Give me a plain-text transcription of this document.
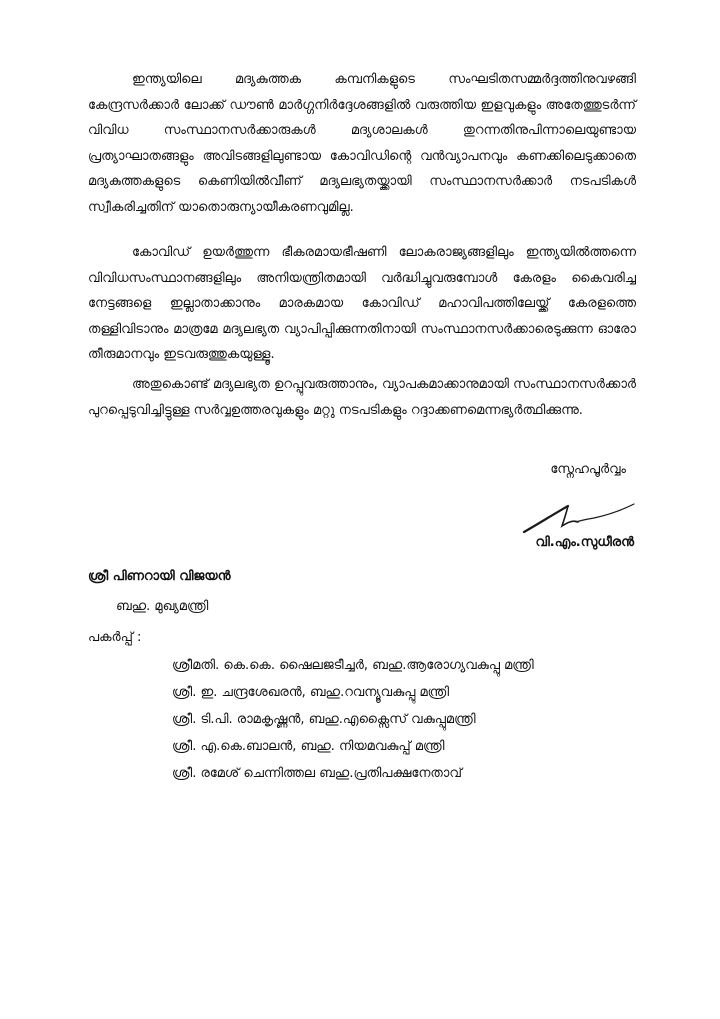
ഇന്ത്യയിലെ മദ്യകുത്തക കമ്പനികളുടെ സംഘടിതസമ്മർദ്ദത്തിനുവഴങ്ങി കേന്ദ്രസർക്കാർ ലോക്ക് ഡൗൺ മാർഗ്ഗനിർദ്ദേശങ്ങളിൽ വരുത്തിയ ഇളവുകളും അതേത്തുടർന്ന് വിവിധ സംസ്ഥാനസർക്കാരുകൾ മദ്യശാലകൾ തുറന്നതിനുപിന്നാലെയുണ്ടായ പ്രത്യാഘാതങ്ങളും അവിടങ്ങളിലുണ്ടായ കോവിഡിന്റെ വൻവ്യാപനവും കണക്കിലെടുക്കാതെ മദ്യകുത്തകളുടെ കെണിയിൽവീണ് മദ്യലഭ്യതയ്ക്കായി സംസ്ഥാനസർക്കാർ നടപടികൾ സ്വീകരിച്ചതിന് യാതൊരുന്യായീകരണവുമില്ല.

കോവിഡ് ഉയർത്തുന്ന ഭീകരമായഭീഷണി ലോകരാജ്യങ്ങളിലും ഇന്ത്യയിൽത്തന്നെ വിവിധസംസ്ഥാനങ്ങളിലും അനിയന്ത്രിതമായി വർദ്ധിച്ചുവരുമ്പോൾ കേരളം കൈവരിച്ച നേട്ടങ്ങളെ ഇല്ലാതാക്കാനും മാരകമായ കോവിഡ് മഹാവിപത്തിലേയ്ക്ക് കേരളത്തെ തള്ളിവിടാനും മാത്രമേ മദ്യലഭ്യത വ്യാപിപ്പിക്കുന്നതിനായി സംസ്ഥാനസർക്കാരെടുക്കുന്ന ഓരോ തീരുമാനവും ഇടവരുത്തുകയുള്ളൂ.

അതുകൊണ്ട് മദ്യലഭ്യത ഉറപ്പുവരുത്താനും, വ്യാപകമാക്കാനുമായി സംസ്ഥാനസർക്കാർ പുറപ്പെടുവിച്ചിട്ടുള്ള സർവ്വഉത്തരവുകളും മറ്റു നടപടികളും റദ്ദാക്കണമെന്നഭ്യർത്ഥിക്കുന്നു.

സ്നേഹപൂർവ്വം

വി.എം.സുധീരൻ

ശ്രീ പിണറായി വിജയൻ

ബഹു. മുഖ്യമന്ത്രി

പകർപ്പ് :

ശ്രീമതി. കെ.കെ. ഷൈലജടീച്ചർ, ബഹു.ആരോഗ്യവകുപ്പു മന്ത്രി
ശ്രീ. ഇ. ചന്ദ്രശേഖരൻ, ബഹു.റവന്യൂവകുപ്പു മന്ത്രി
ശ്രീ. ടി.പി. രാമകൃഷ്ണൻ, ബഹു.എക്സൈസ് വകുപ്പുമന്ത്രി
ശ്രീ. എ.കെ.ബാലൻ, ബഹു. നിയമവകുപ്പ് മന്ത്രി
ശ്രീ. രമേശ് ചെന്നിത്തല ബഹു.പ്രതിപക്ഷനേതാവ്
